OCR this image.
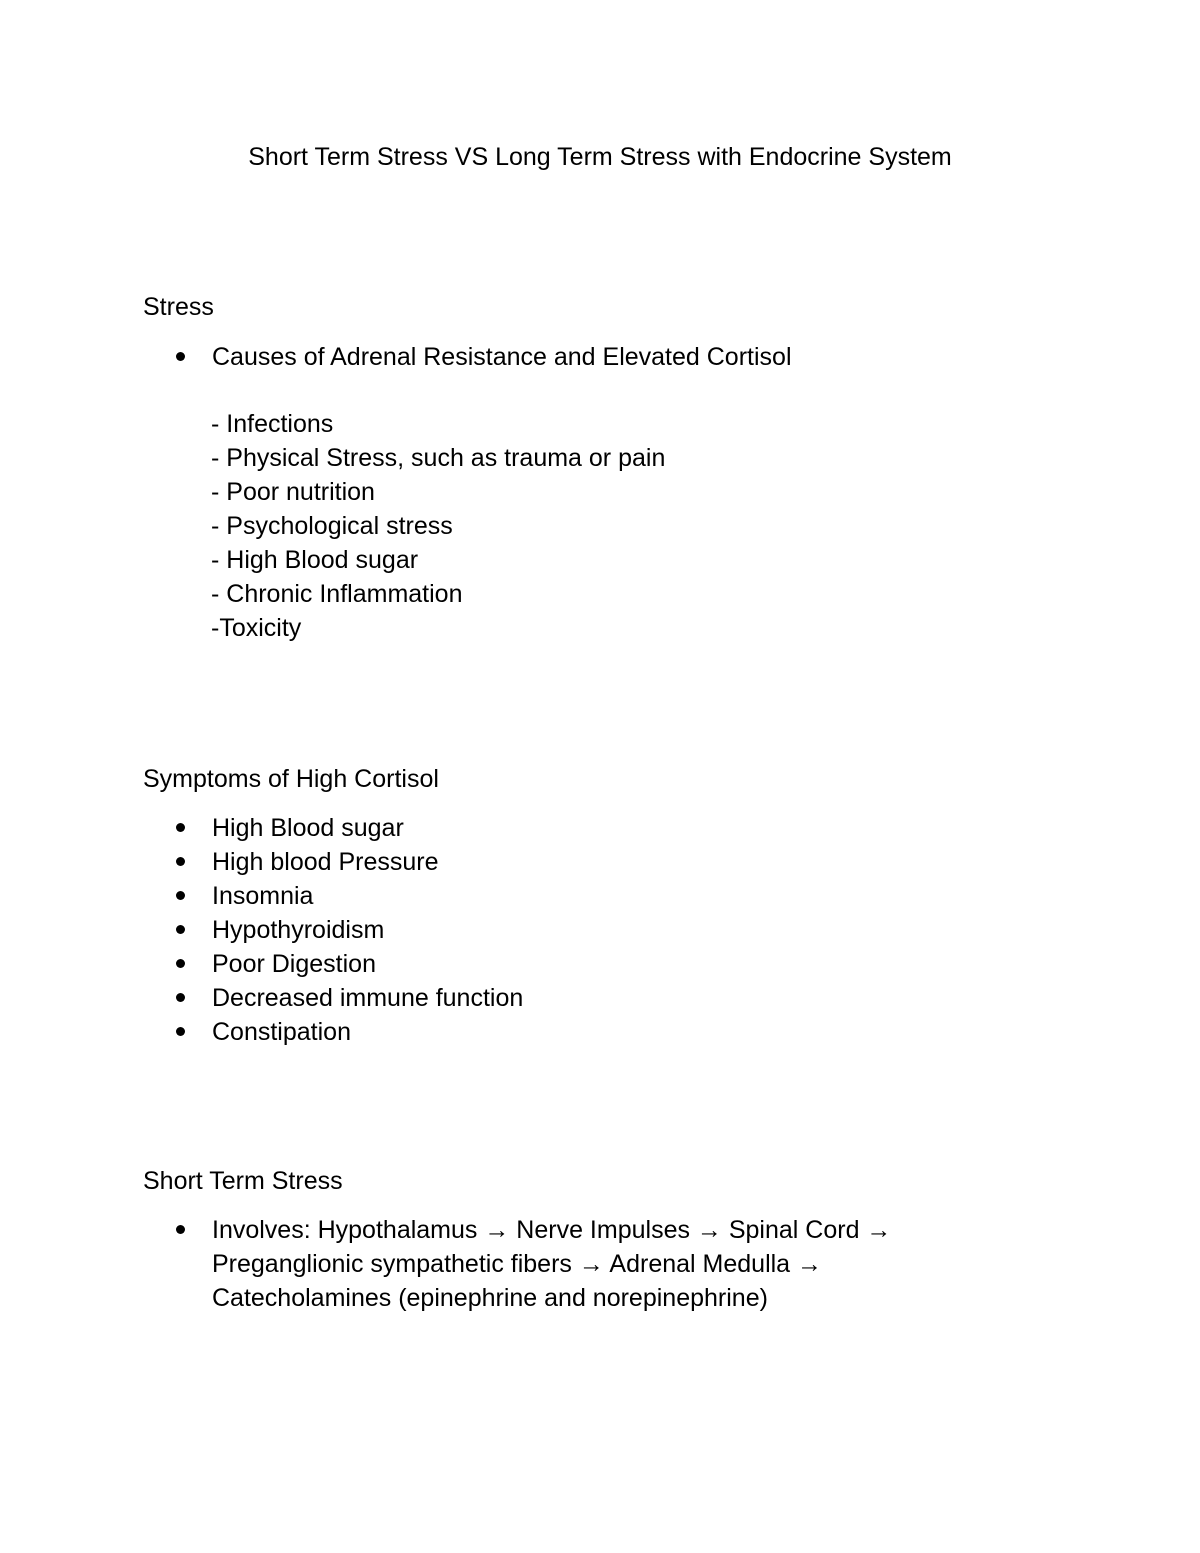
Short Term Stress VS Long Term Stress with Endocrine System
Stress
Causes of Adrenal Resistance and Elevated Cortisol
- Infections
- Physical Stress, such as trauma or pain
- Poor nutrition
- Psychological stress
- High Blood sugar
- Chronic Inflammation
-Toxicity
Symptoms of High Cortisol
High Blood sugar
High blood Pressure
Insomnia
Hypothyroidism
Poor Digestion
Decreased immune function
Constipation
Short Term Stress
Involves: Hypothalamus → Nerve Impulses → Spinal Cord →
Preganglionic sympathetic fibers → Adrenal Medulla →
Catecholamines (epinephrine and norepinephrine)
